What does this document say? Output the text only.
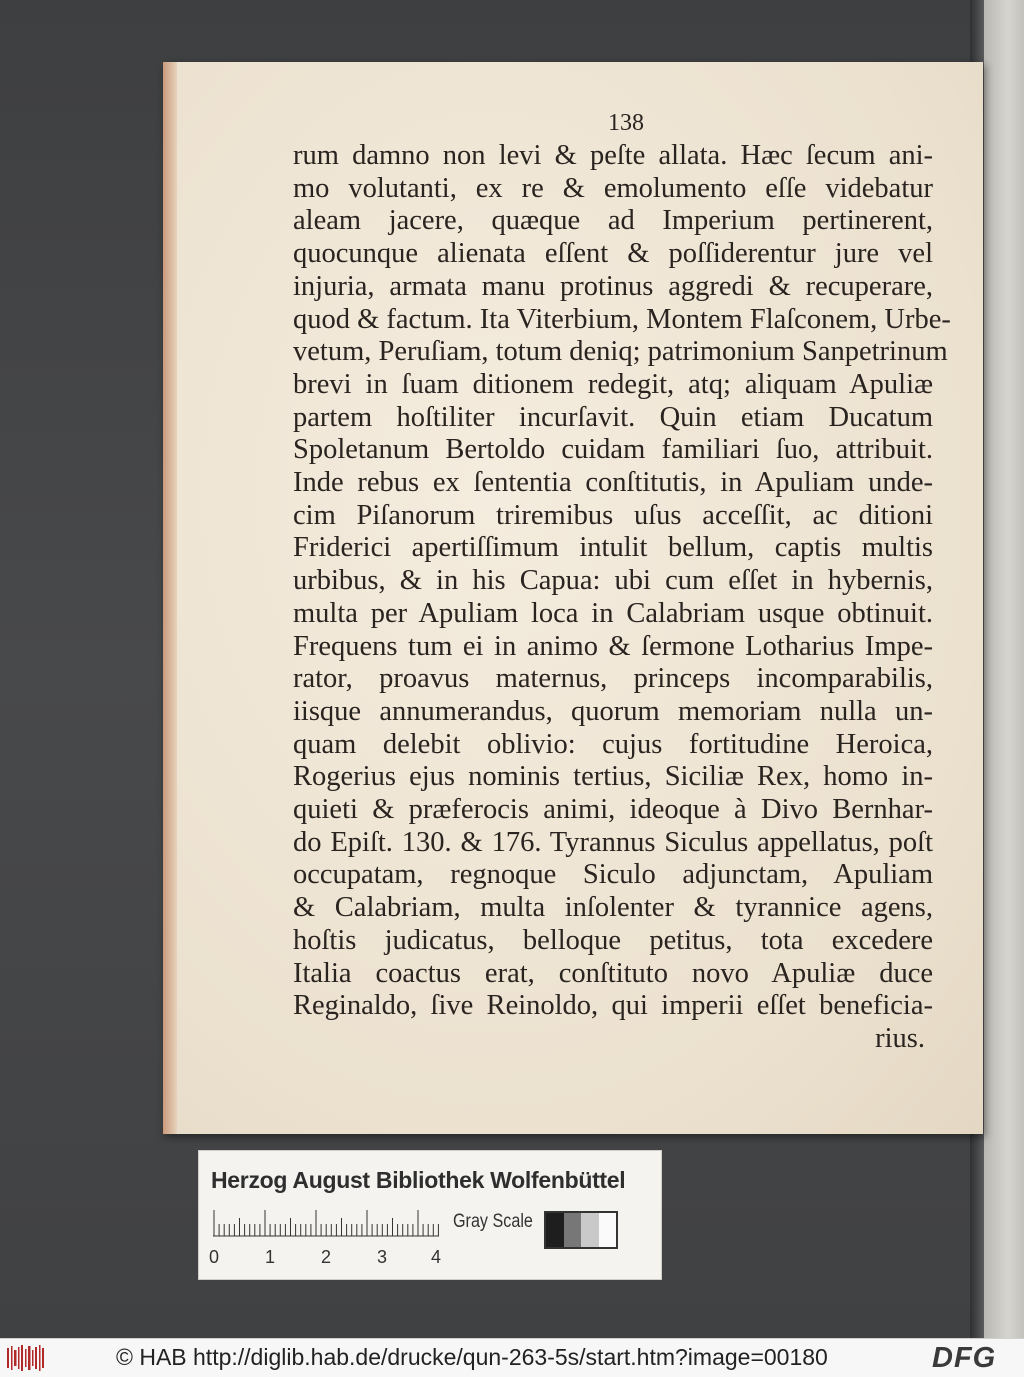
138
rum damno non levi & peſte allata. Hæc ſecum ani-
mo volutanti, ex re & emolumento eſſe videbatur
aleam jacere, quæque ad Imperium pertinerent,
quocunque alienata eſſent & poſſiderentur jure vel
injuria, armata manu protinus aggredi & recuperare,
quod & factum. Ita Viterbium, Montem Flaſconem, Urbe-
vetum, Peruſiam, totum deniq; patrimonium Sanpetrinum
brevi in ſuam ditionem redegit, atq; aliquam Apuliæ
partem hoſtiliter incurſavit. Quin etiam Ducatum
Spoletanum Bertoldo cuidam familiari ſuo, attribuit.
Inde rebus ex ſententia conſtitutis, in Apuliam unde-
cim Piſanorum triremibus uſus acceſſit, ac ditioni
Friderici apertiſſimum intulit bellum, captis multis
urbibus, & in his Capua: ubi cum eſſet in hybernis,
multa per Apuliam loca in Calabriam usque obtinuit.
Frequens tum ei in animo & ſermone Lotharius Impe-
rator, proavus maternus, princeps incomparabilis,
iisque annumerandus, quorum memoriam nulla un-
quam delebit oblivio: cujus fortitudine Heroica,
Rogerius ejus nominis tertius, Siciliæ Rex, homo in-
quieti & præferocis animi, ideoque à Divo Bernhar-
do Epiſt. 130. & 176. Tyrannus Siculus appellatus, poſt
occupatam, regnoque Siculo adjunctam, Apuliam
& Calabriam, multa inſolenter & tyrannice agens,
hoſtis judicatus, belloque petitus, tota excedere
Italia coactus erat, conſtituto novo Apuliæ duce
Reginaldo, ſive Reinoldo, qui imperii eſſet beneficia-
rius.
Herzog August Bibliothek Wolfenbüttel
0	1	2	3 4
Gray Scale
© HAB http://diglib.hab.de/drucke/qun-263-5s/start.htm?image=00180	DFG
